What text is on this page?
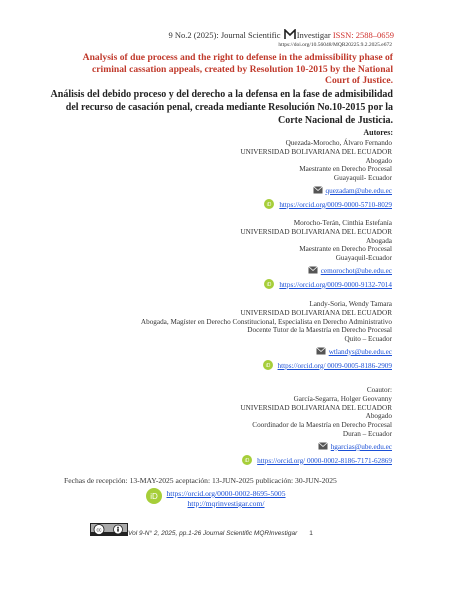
9 No.2 (2025): Journal Scientific Investigar ISSN: 2588–0659
https://doi.org/10.56048/MQR20225.9.2.2025.e672
Analysis of due process and the right to defense in the admissibility phase of criminal cassation appeals, created by Resolution 10-2015 by the National Court of Justice.
Análisis del debido proceso y del derecho a la defensa en la fase de admisibilidad del recurso de casación penal, creada mediante Resolución No.10-2015 por la Corte Nacional de Justicia.
Autores:
Quezada-Morocho, Álvaro Fernando
UNIVERSIDAD BOLIVARIANA DEL ECUADOR
Abogado
Maestrante en Derecho Procesal
Guayaquil- Ecuador
quezadam@ube.edu.ec
iD https://orcid.org/0009-0000-5710-8029
Morocho-Terán, Cinthia Estefanía
UNIVERSIDAD BOLIVARIANA DEL ECUADOR
Abogada
Maestrante en Derecho Procesal
Guayaquil-Ecuador
cemorochot@ube.edu.ec
iD https://orcid.org/0009-0000-9132-7014
Landy-Soria, Wendy Tamara
UNIVERSIDAD BOLIVARIANA DEL ECUADOR
Abogada, Magíster en Derecho Constitucional, Especialista en Derecho Administrativo
Docente Tutor de la Maestría en Derecho Procesal
Quito – Ecuador
wtlandys@ube.edu.ec
iD https://orcid.org/ 0009-0005-8186-2909
Coautor:
García-Segarra, Holger Geovanny
UNIVERSIDAD BOLIVARIANA DEL ECUADOR
Abogado
Coordinador de la Maestría en Derecho Procesal
Duran – Ecuador
hgarcias@ube.edu.ec
iD https://orcid.org/ 0000-0002-8186-7171-62869
Fechas de recepción: 13-MAY-2025 aceptación: 13-JUN-2025 publicación: 30-JUN-2025
iD	https://orcid.org/0000-0002-8695-5005
http://mqrinvestigar.com/
cc	Vol 9-N° 2, 2025, pp.1-26 Journal Scientific MQRInvestigar 1
